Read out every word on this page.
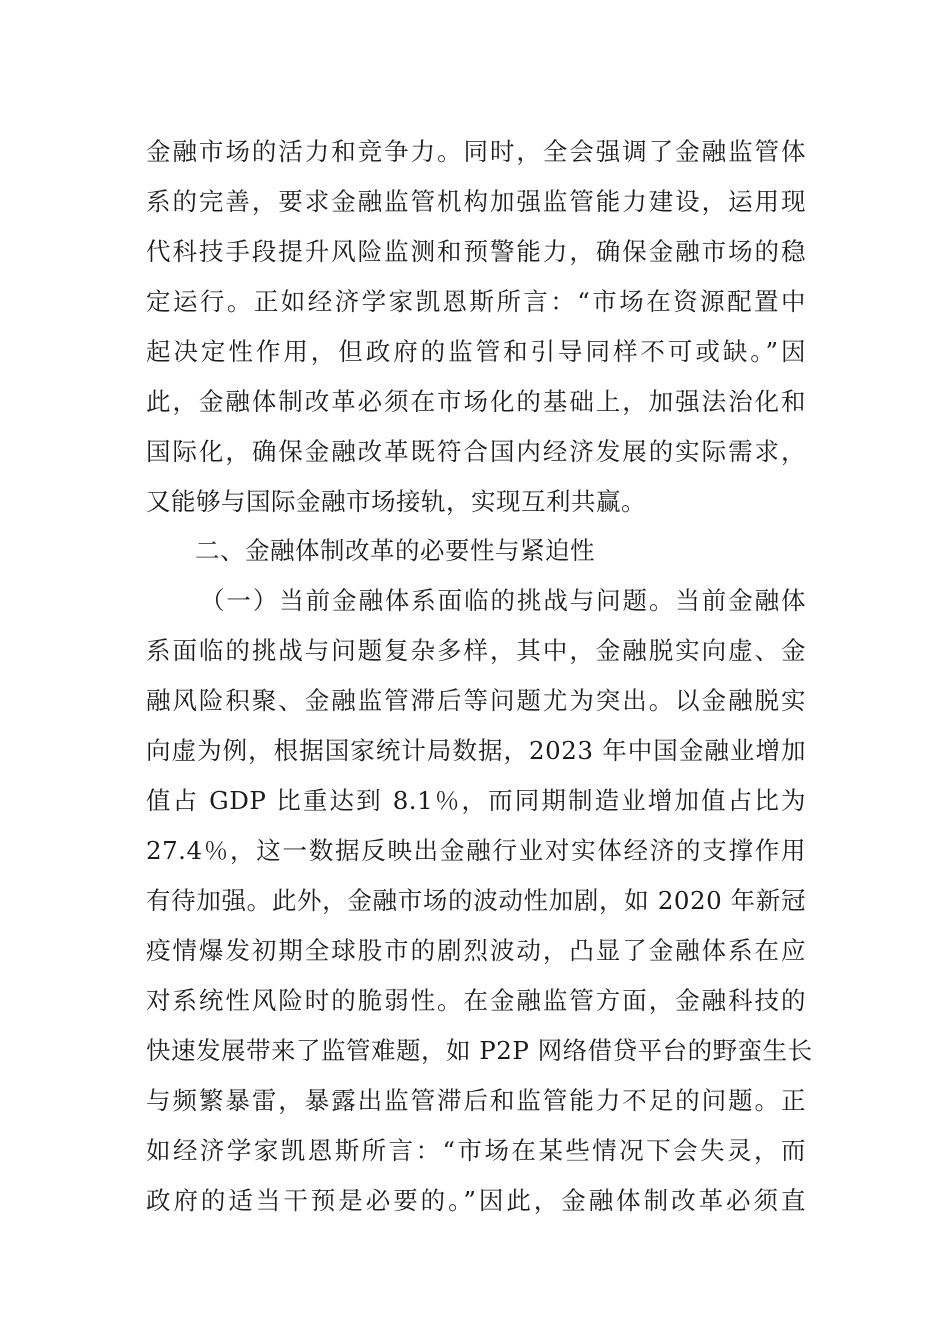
金融市场的活力和竞争力。同时，全会强调了金融监管体
系的完善，要求金融监管机构加强监管能力建设，运用现
代科技手段提升风险监测和预警能力，确保金融市场的稳
定运行。正如经济学家凯恩斯所言：“市场在资源配置中
起决定性作用，但政府的监管和引导同样不可或缺。”因
此，金融体制改革必须在市场化的基础上，加强法治化和
国际化，确保金融改革既符合国内经济发展的实际需求，
又能够与国际金融市场接轨，实现互利共赢。
二、金融体制改革的必要性与紧迫性
（一）当前金融体系面临的挑战与问题。当前金融体
系面临的挑战与问题复杂多样，其中，金融脱实向虚、金
融风险积聚、金融监管滞后等问题尤为突出。以金融脱实
向虚为例，根据国家统计局数据，2023 年中国金融业增加
值占 GDP 比重达到 8.1％，而同期制造业增加值占比为
27.4％，这一数据反映出金融行业对实体经济的支撑作用
有待加强。此外，金融市场的波动性加剧，如 2020 年新冠
疫情爆发初期全球股市的剧烈波动，凸显了金融体系在应
对系统性风险时的脆弱性。在金融监管方面，金融科技的
快速发展带来了监管难题，如 P2P 网络借贷平台的野蛮生长
与频繁暴雷，暴露出监管滞后和监管能力不足的问题。正
如经济学家凯恩斯所言：“市场在某些情况下会失灵，而
政府的适当干预是必要的。”因此，金融体制改革必须直
